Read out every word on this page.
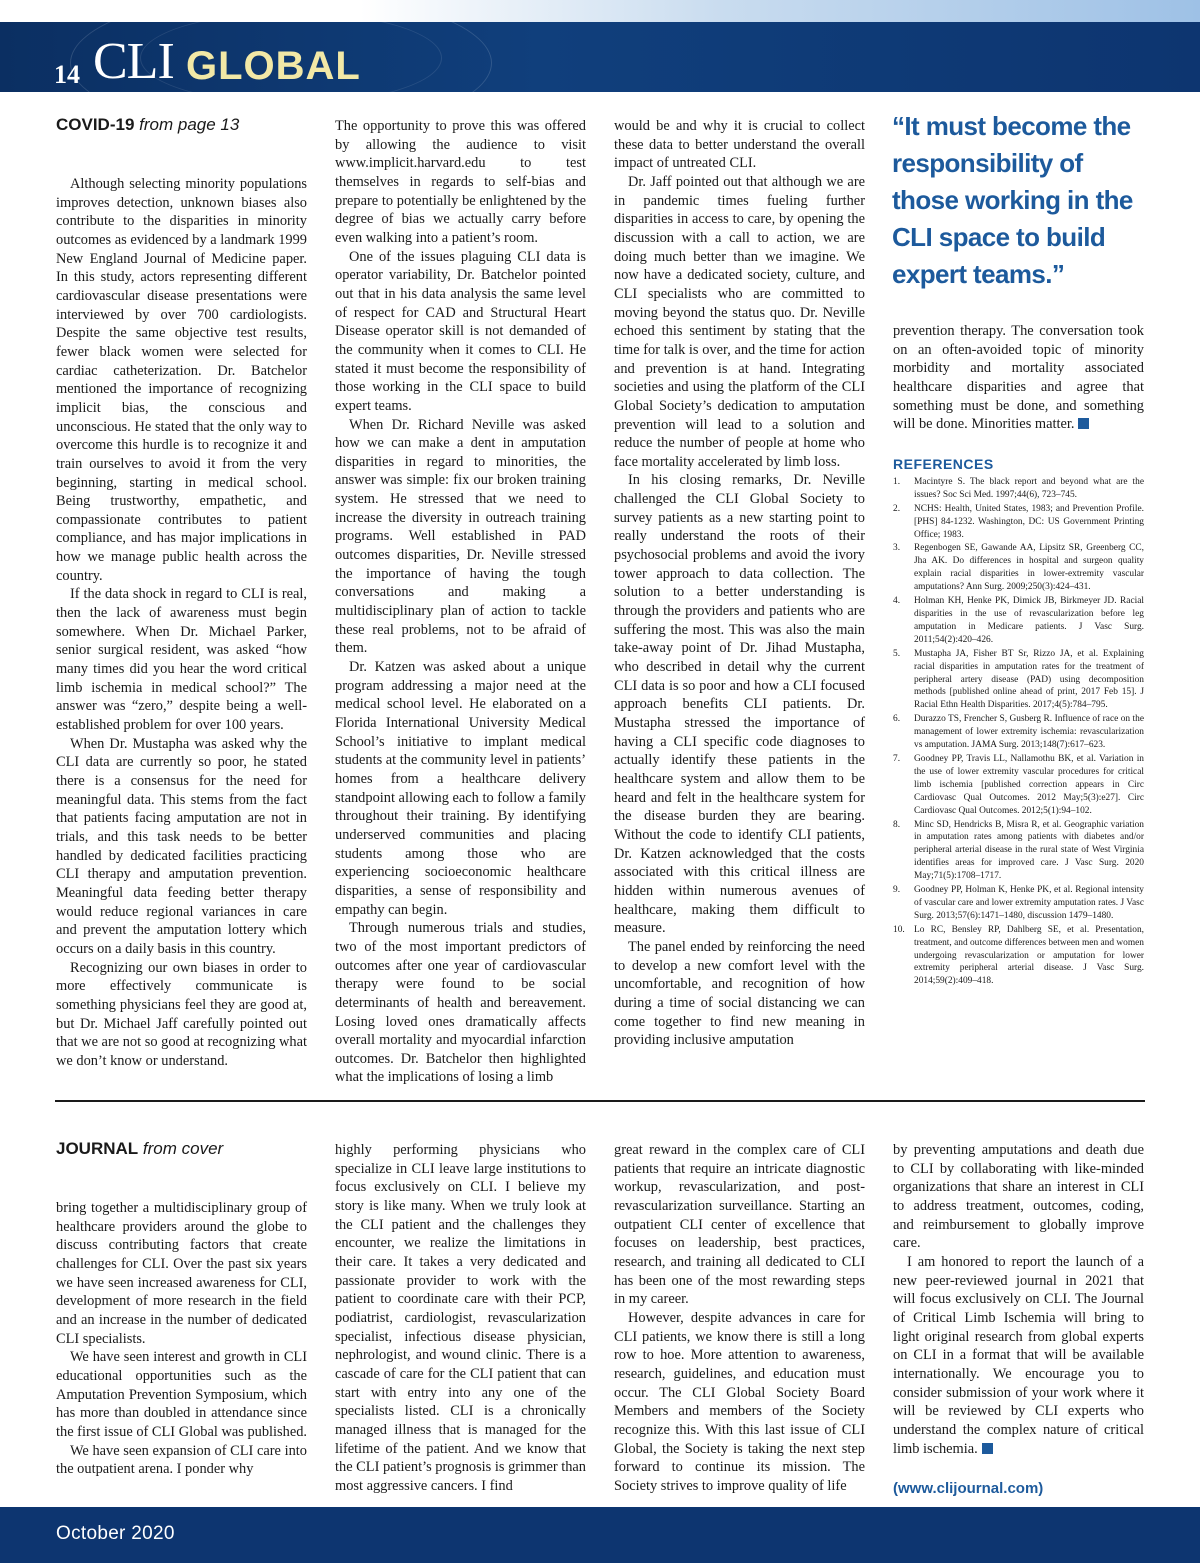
14 CLI GLOBAL
COVID-19 from page 13

Although selecting minority populations improves detection, unknown biases also contribute to the disparities in minority outcomes as evidenced by a landmark 1999 New England Journal of Medicine paper. In this study, actors representing different cardiovascular disease presentations were interviewed by over 700 cardiologists. Despite the same objective test results, fewer black women were selected for cardiac catheterization. Dr. Batchelor mentioned the importance of recognizing implicit bias, the conscious and unconscious. He stated that the only way to overcome this hurdle is to recognize it and train ourselves to avoid it from the very beginning, starting in medical school. Being trustworthy, empathetic, and compassionate contributes to patient compliance, and has major implications in how we manage public health across the country.

If the data shock in regard to CLI is real, then the lack of awareness must begin somewhere. When Dr. Michael Parker, senior surgical resident, was asked “how many times did you hear the word critical limb ischemia in medical school?” The answer was “zero,” despite being a well-established problem for over 100 years.

When Dr. Mustapha was asked why the CLI data are currently so poor, he stated there is a consensus for the need for meaningful data. This stems from the fact that patients facing amputation are not in trials, and this task needs to be better handled by dedicated facilities practicing CLI therapy and amputation prevention. Meaningful data feeding better therapy would reduce regional variances in care and prevent the amputation lottery which occurs on a daily basis in this country.

Recognizing our own biases in order to more effectively communicate is something physicians feel they are good at, but Dr. Michael Jaff carefully pointed out that we are not so good at recognizing what we don’t know or understand.

The opportunity to prove this was offered by allowing the audience to visit www.implicit.harvard.edu to test themselves in regards to self-bias and prepare to potentially be enlightened by the degree of bias we actually carry before even walking into a patient’s room.

One of the issues plaguing CLI data is operator variability, Dr. Batchelor pointed out that in his data analysis the same level of respect for CAD and Structural Heart Disease operator skill is not demanded of the community when it comes to CLI. He stated it must become the responsibility of those working in the CLI space to build expert teams.

When Dr. Richard Neville was asked how we can make a dent in amputation disparities in regard to minorities, the answer was simple: fix our broken training system. He stressed that we need to increase the diversity in outreach training programs. Well established in PAD outcomes disparities, Dr. Neville stressed the importance of having the tough conversations and making a multidisciplinary plan of action to tackle these real problems, not to be afraid of them.

Dr. Katzen was asked about a unique program addressing a major need at the medical school level. He elaborated on a Florida International University Medical School’s initiative to implant medical students at the community level in patients’ homes from a healthcare delivery standpoint allowing each to follow a family throughout their training. By identifying underserved communities and placing students among those who are experiencing socioeconomic healthcare disparities, a sense of responsibility and empathy can begin.

Through numerous trials and studies, two of the most important predictors of outcomes after one year of cardiovascular therapy were found to be social determinants of health and bereavement. Losing loved ones dramatically affects overall mortality and myocardial infarction outcomes. Dr. Batchelor then highlighted what the implications of losing a limb

would be and why it is crucial to collect these data to better understand the overall impact of untreated CLI.

Dr. Jaff pointed out that although we are in pandemic times fueling further disparities in access to care, by opening the discussion with a call to action, we are doing much better than we imagine. We now have a dedicated society, culture, and CLI specialists who are committed to moving beyond the status quo. Dr. Neville echoed this sentiment by stating that the time for talk is over, and the time for action and prevention is at hand. Integrating societies and using the platform of the CLI Global Society’s dedication to amputation prevention will lead to a solution and reduce the number of people at home who face mortality accelerated by limb loss.

In his closing remarks, Dr. Neville challenged the CLI Global Society to survey patients as a new starting point to really understand the roots of their psychosocial problems and avoid the ivory tower approach to data collection. The solution to a better understanding is through the providers and patients who are suffering the most. This was also the main take-away point of Dr. Jihad Mustapha, who described in detail why the current CLI data is so poor and how a CLI focused approach benefits CLI patients. Dr. Mustapha stressed the importance of having a CLI specific code diagnoses to actually identify these patients in the healthcare system and allow them to be heard and felt in the healthcare system for the disease burden they are bearing. Without the code to identify CLI patients, Dr. Katzen acknowledged that the costs associated with this critical illness are hidden within numerous avenues of healthcare, making them difficult to measure.

The panel ended by reinforcing the need to develop a new comfort level with the uncomfortable, and recognition of how during a time of social distancing we can come together to find new meaning in providing inclusive amputation

“It must become the responsibility of those working in the CLI space to build expert teams.”

prevention therapy. The conversation took on an often-avoided topic of minority morbidity and mortality associated healthcare disparities and agree that something must be done, and something will be done. Minorities matter.

REFERENCES
1. Macintyre S. The black report and beyond what are the issues? Soc Sci Med. 1997;44(6), 723–745.
2. NCHS: Health, United States, 1983; and Prevention Profile. [PHS] 84-1232. Washington, DC: US Government Printing Office; 1983.
3. Regenbogen SE, Gawande AA, Lipsitz SR, Greenberg CC, Jha AK. Do differences in hospital and surgeon quality explain racial disparities in lower-extremity vascular amputations? Ann Surg. 2009;250(3):424–431.
4. Holman KH, Henke PK, Dimick JB, Birkmeyer JD. Racial disparities in the use of revascularization before leg amputation in Medicare patients. J Vasc Surg. 2011;54(2):420–426.
5. Mustapha JA, Fisher BT Sr, Rizzo JA, et al. Explaining racial disparities in amputation rates for the treatment of peripheral artery disease (PAD) using decomposition methods [published online ahead of print, 2017 Feb 15]. J Racial Ethn Health Disparities. 2017;4(5):784–795.
6. Durazzo TS, Frencher S, Gusberg R. Influence of race on the management of lower extremity ischemia: revascularization vs amputation. JAMA Surg. 2013;148(7):617–623.
7. Goodney PP, Travis LL, Nallamothu BK, et al. Variation in the use of lower extremity vascular procedures for critical limb ischemia [published correction appears in Circ Cardiovasc Qual Outcomes. 2012 May;5(3):e27]. Circ Cardiovasc Qual Outcomes. 2012;5(1):94–102.
8. Minc SD, Hendricks B, Misra R, et al. Geographic variation in amputation rates among patients with diabetes and/or peripheral arterial disease in the rural state of West Virginia identifies areas for improved care. J Vasc Surg. 2020 May;71(5):1708–1717.
9. Goodney PP, Holman K, Henke PK, et al. Regional intensity of vascular care and lower extremity amputation rates. J Vasc Surg. 2013;57(6):1471–1480, discussion 1479–1480.
10. Lo RC, Bensley RP, Dahlberg SE, et al. Presentation, treatment, and outcome differences between men and women undergoing revascularization or amputation for lower extremity peripheral arterial disease. J Vasc Surg. 2014;59(2):409–418.
JOURNAL from cover

bring together a multidisciplinary group of healthcare providers around the globe to discuss contributing factors that create challenges for CLI. Over the past six years we have seen increased awareness for CLI, development of more research in the field and an increase in the number of dedicated CLI specialists.

We have seen interest and growth in CLI educational opportunities such as the Amputation Prevention Symposium, which has more than doubled in attendance since the first issue of CLI Global was published.

We have seen expansion of CLI care into the outpatient arena. I ponder why

highly performing physicians who specialize in CLI leave large institutions to focus exclusively on CLI. I believe my story is like many. When we truly look at the CLI patient and the challenges they encounter, we realize the limitations in their care. It takes a very dedicated and passionate provider to work with the patient to coordinate care with their PCP, podiatrist, cardiologist, revascularization specialist, infectious disease physician, nephrologist, and wound clinic. There is a cascade of care for the CLI patient that can start with entry into any one of the specialists listed. CLI is a chronically managed illness that is managed for the lifetime of the patient. And we know that the CLI patient’s prognosis is grimmer than most aggressive cancers. I find

great reward in the complex care of CLI patients that require an intricate diagnostic workup, revascularization, and post-revascularization surveillance. Starting an outpatient CLI center of excellence that focuses on leadership, best practices, research, and training all dedicated to CLI has been one of the most rewarding steps in my career.

However, despite advances in care for CLI patients, we know there is still a long row to hoe. More attention to awareness, research, guidelines, and education must occur. The CLI Global Society Board Members and members of the Society recognize this. With this last issue of CLI Global, the Society is taking the next step forward to continue its mission. The Society strives to improve quality of life

by preventing amputations and death due to CLI by collaborating with like-minded organizations that share an interest in CLI to address treatment, outcomes, coding, and reimbursement to globally improve care.

I am honored to report the launch of a new peer-reviewed journal in 2021 that will focus exclusively on CLI. The Journal of Critical Limb Ischemia will bring to light original research from global experts on CLI in a format that will be available internationally. We encourage you to consider submission of your work where it will be reviewed by CLI experts who understand the complex nature of critical limb ischemia.

(www.clijournal.com)
October 2020
